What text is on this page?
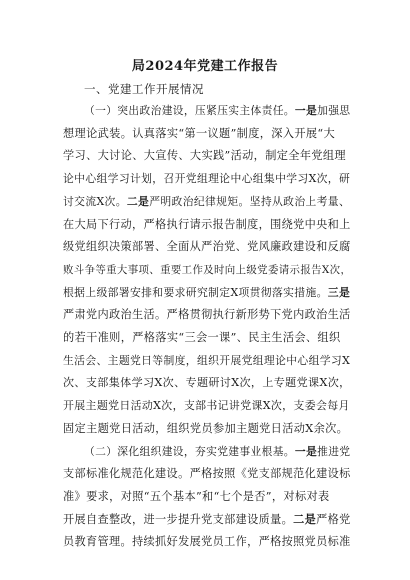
局2024年党建工作报告
一、党建工作开展情况
（一）突出政治建设，压紧压实主体责任。一是加强思
想理论武装。认真落实“第一议题”制度，深入开展“大
学习、大讨论、大宣传、大实践”活动，制定全年党组理
论中心组学习计划，召开党组理论中心组集中学习X次，研
讨交流X次。二是严明政治纪律规矩。坚持从政治上考量、
在大局下行动，严格执行请示报告制度，围绕党中央和上
级党组织决策部署、全面从严治党、党风廉政建设和反腐
败斗争等重大事项、重要工作及时向上级党委请示报告X次，
根据上级部署安排和要求研究制定X项贯彻落实措施。三是
严肃党内政治生活。严格贯彻执行新形势下党内政治生活
的若干准则，严格落实“三会一课”、民主生活会、组织
生活会、主题党日等制度，组织开展党组理论中心组学习X
次、支部集体学习X次、专题研讨X次，上专题党课X次，
开展主题党日活动X次，支部书记讲党课X次，支委会每月
固定主题党日活动，组织党员参加主题党日活动X余次。
（二）深化组织建设，夯实党建事业根基。一是推进党
支部标准化规范化建设。严格按照《党支部规范化建设标
准》要求，对照“五个基本”和“七个是否”，对标对表
开展自查整改，进一步提升党支部建设质量。二是严格党
员教育管理。持续抓好发展党员工作，严格按照党员标准
